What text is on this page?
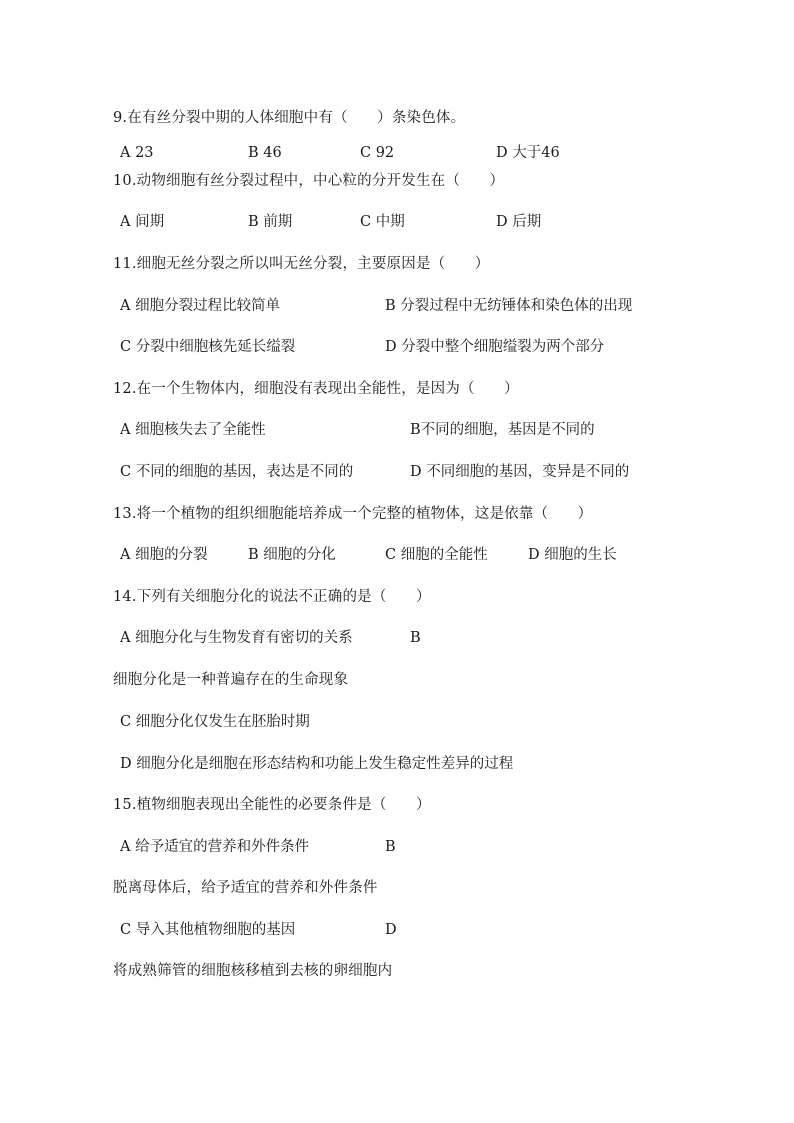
9.在有丝分裂中期的人体细胞中有（　　）条染色体。
A 23	B 46	C 92	D 大于46
10.动物细胞有丝分裂过程中，中心粒的分开发生在（　　）
A 间期	B 前期	C 中期	D 后期
11.细胞无丝分裂之所以叫无丝分裂，主要原因是（　　）
A 细胞分裂过程比较简单	B 分裂过程中无纺锤体和染色体的出现
C 分裂中细胞核先延长缢裂	D 分裂中整个细胞缢裂为两个部分
12.在一个生物体内，细胞没有表现出全能性，是因为（　　）
A 细胞核失去了全能性	B不同的细胞，基因是不同的
C 不同的细胞的基因，表达是不同的	D 不同细胞的基因，变异是不同的
13.将一个植物的组织细胞能培养成一个完整的植物体，这是依靠（　　）
A 细胞的分裂	B 细胞的分化	C 细胞的全能性	D 细胞的生长
14.下列有关细胞分化的说法不正确的是（　　）
A 细胞分化与生物发育有密切的关系	B
细胞分化是一种普遍存在的生命现象
C 细胞分化仅发生在胚胎时期
D 细胞分化是细胞在形态结构和功能上发生稳定性差异的过程
15.植物细胞表现出全能性的必要条件是（　　）
A 给予适宜的营养和外件条件	B
脱离母体后，给予适宜的营养和外件条件
C 导入其他植物细胞的基因	D
将成熟筛管的细胞核移植到去核的卵细胞内
